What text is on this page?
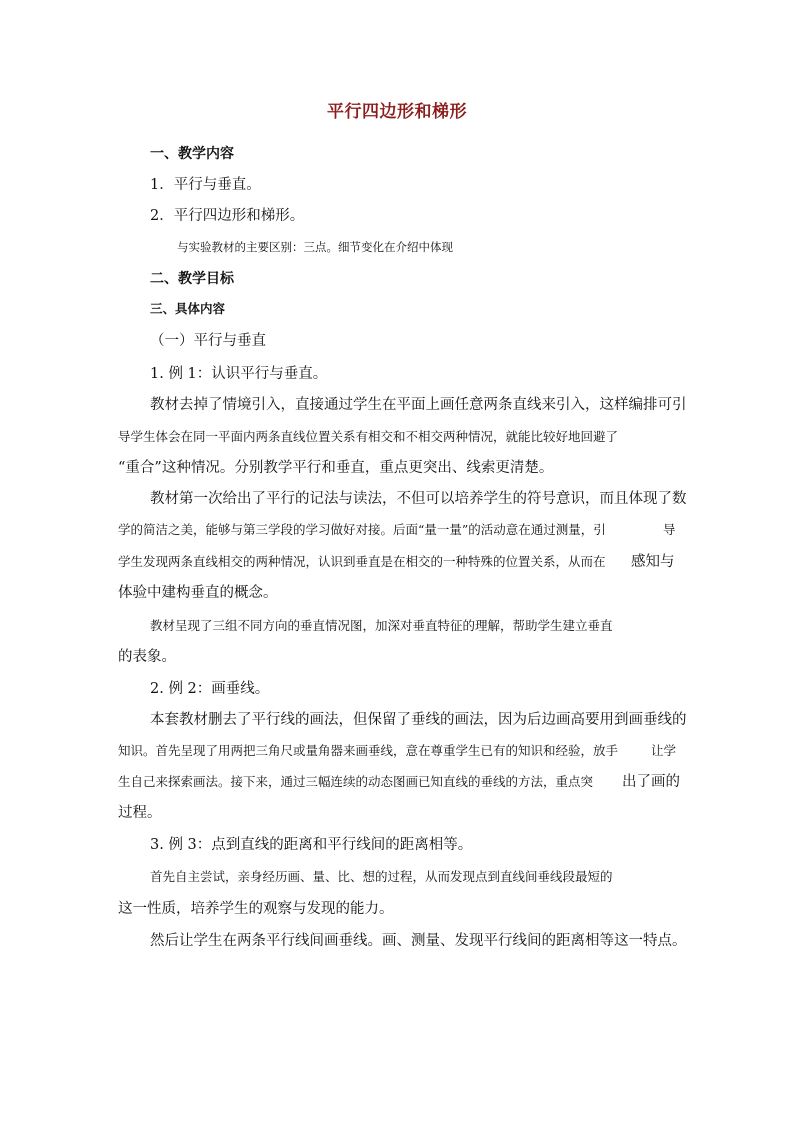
平行四边形和梯形
一、教学内容
1．平行与垂直。
2．平行四边形和梯形。
与实验教材的主要区别：三点。细节变化在介绍中体现
二、教学目标
三、具体内容
（一）平行与垂直
1. 例 1：认识平行与垂直。
教材去掉了情境引入，直接通过学生在平面上画任意两条直线来引入，这样编排可引
导学生体会在同一平面内两条直线位置关系有相交和不相交两种情况，就能比较好地回避了
“重合”这种情况。分别教学平行和垂直，重点更突出、线索更清楚。
教材第一次给出了平行的记法与读法，不但可以培养学生的符号意识，而且体现了数
学的简洁之美，能够与第三学段的学习做好对接。后面“量一量”的活动意在通过测量，引	导
学生发现两条直线相交的两种情况，认识到垂直是在相交的一种特殊的位置关系，从而在 感知与
体验中建构垂直的概念。
教材呈现了三组不同方向的垂直情况图，加深对垂直特征的理解，帮助学生建立垂直
的表象。
2. 例 2：画垂线。
本套教材删去了平行线的画法，但保留了垂线的画法，因为后边画高要用到画垂线的
知识。首先呈现了用两把三角尺或量角器来画垂线，意在尊重学生已有的知识和经验，放手	让学
生自己来探索画法。接下来，通过三幅连续的动态图画已知直线的垂线的方法，重点突 出了画的
过程。
3. 例 3：点到直线的距离和平行线间的距离相等。
首先自主尝试，亲身经历画、量、比、想的过程，从而发现点到直线间垂线段最短的
这一性质，培养学生的观察与发现的能力。
然后让学生在两条平行线间画垂线。画、测量、发现平行线间的距离相等这一特点。
